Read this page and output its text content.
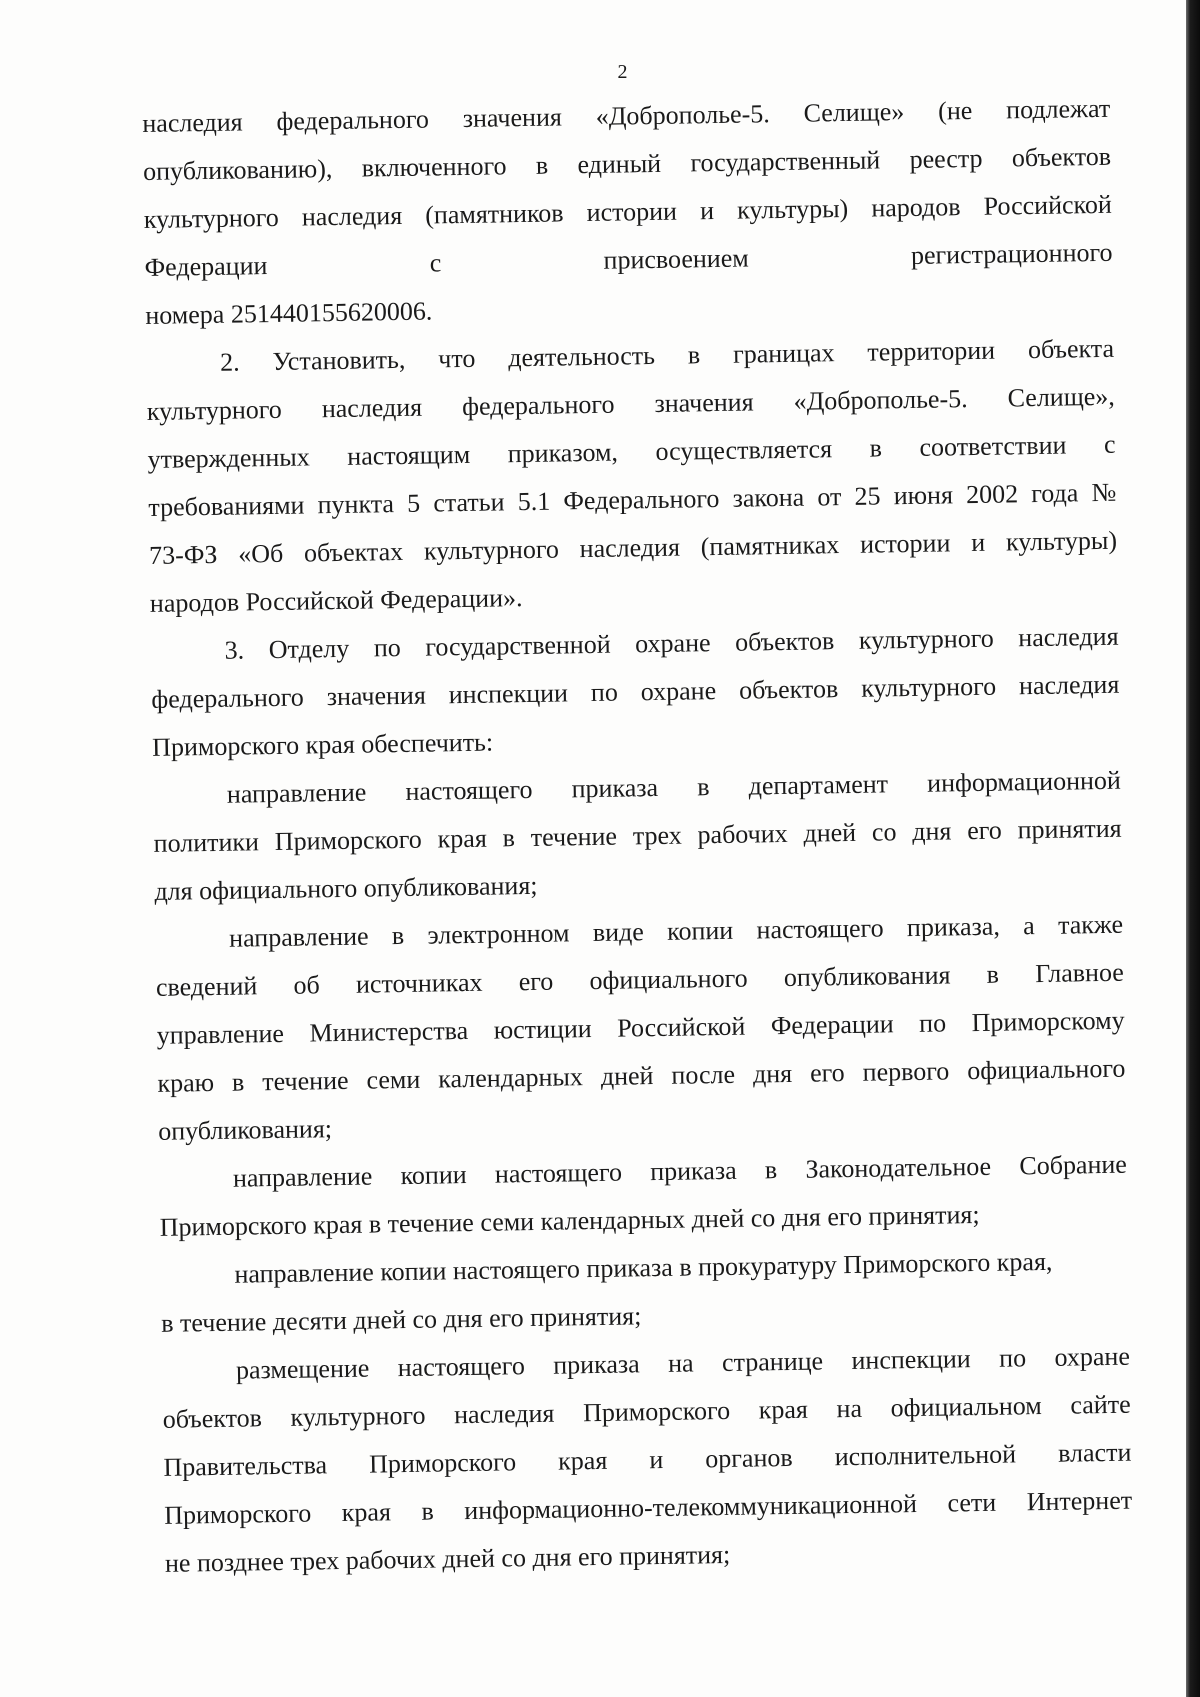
2
наследия федерального значения «Доброполье-5. Селище» (не подлежат
опубликованию), включенного в единый государственный реестр объектов
культурного наследия (памятников истории и культуры) народов Российской
Федерации	с	присвоением	регистрационного
номера 251440155620006.
2. Установить, что деятельность в границах территории объекта
культурного наследия федерального значения «Доброполье-5. Селище»,
утвержденных настоящим приказом, осуществляется в соответствии с
требованиями пункта 5 статьи 5.1 Федерального закона от 25 июня 2002 года №
73-ФЗ «Об объектах культурного наследия (памятниках истории и культуры)
народов Российской Федерации».
3. Отделу по государственной охране объектов культурного наследия
федерального значения инспекции по охране объектов культурного наследия
Приморского края обеспечить:
направление настоящего приказа в департамент информационной
политики Приморского края в течение трех рабочих дней со дня его принятия
для официального опубликования;
направление в электронном виде копии настоящего приказа, а также
сведений об источниках его официального опубликования в Главное
управление Министерства юстиции Российской Федерации по Приморскому
краю в течение семи календарных дней после дня его первого официального
опубликования;
направление копии настоящего приказа в Законодательное Собрание
Приморского края в течение семи календарных дней со дня его принятия;
направление копии настоящего приказа в прокуратуру Приморского края,
в течение десяти дней со дня его принятия;
размещение настоящего приказа на странице инспекции по охране
объектов культурного наследия Приморского края на официальном сайте
Правительства Приморского края и органов исполнительной власти
Приморского края в информационно-телекоммуникационной сети Интернет
не позднее трех рабочих дней со дня его принятия;
